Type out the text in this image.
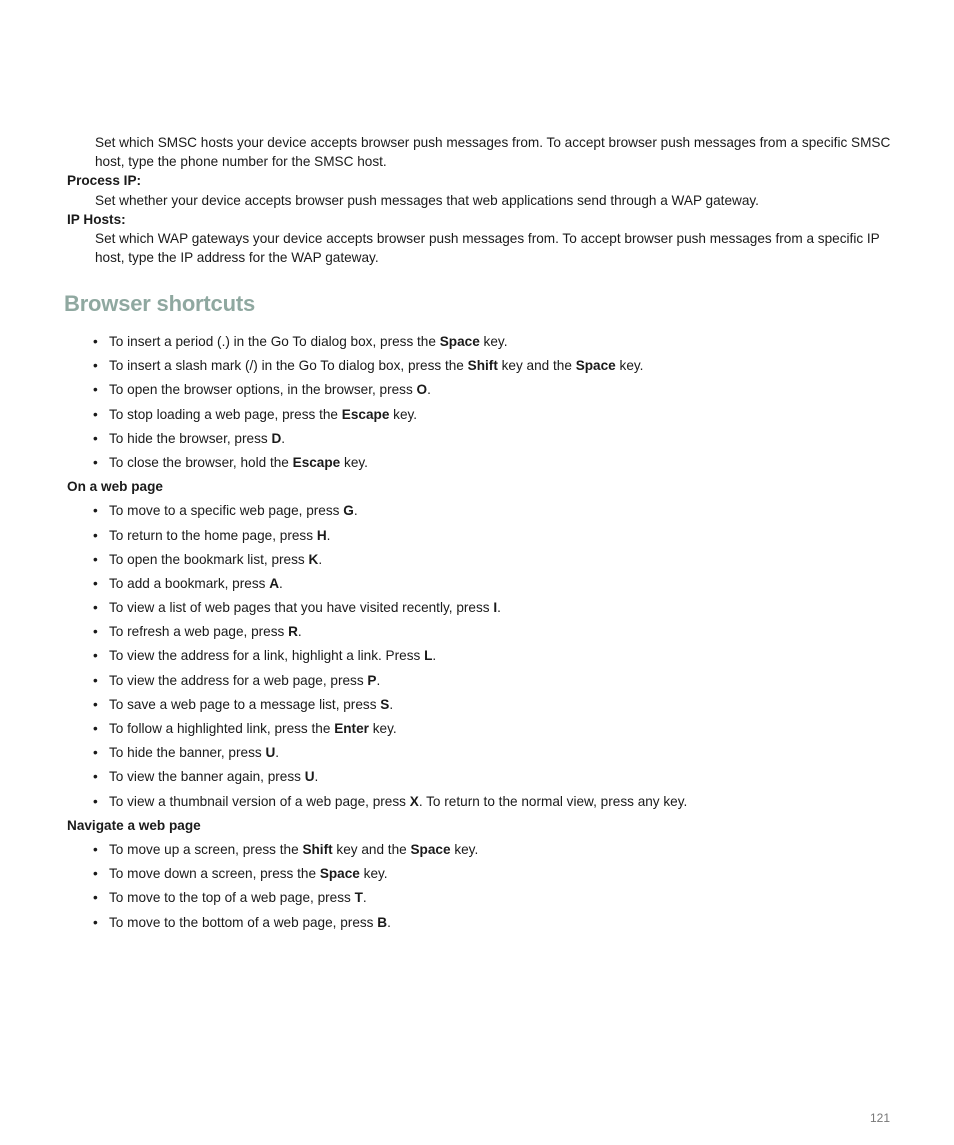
Set which SMSC hosts your device accepts browser push messages from. To accept browser push messages from a specific SMSC host, type the phone number for the SMSC host.

Process IP:

Set whether your device accepts browser push messages that web applications send through a WAP gateway.

IP Hosts:

Set which WAP gateways your device accepts browser push messages from. To accept browser push messages from a specific IP host, type the IP address for the WAP gateway.

Browser shortcuts
• To insert a period (.) in the Go To dialog box, press the Space key.
• To insert a slash mark (/) in the Go To dialog box, press the Shift key and the Space key.
• To open the browser options, in the browser, press O.
• To stop loading a web page, press the Escape key.
• To hide the browser, press D.
• To close the browser, hold the Escape key.
On a web page
• To move to a specific web page, press G.
• To return to the home page, press H.
• To open the bookmark list, press K.
• To add a bookmark, press A.
• To view a list of web pages that you have visited recently, press I.
• To refresh a web page, press R.
• To view the address for a link, highlight a link. Press L.
• To view the address for a web page, press P.
• To save a web page to a message list, press S.
• To follow a highlighted link, press the Enter key.
• To hide the banner, press U.
• To view the banner again, press U.
• To view a thumbnail version of a web page, press X. To return to the normal view, press any key.
Navigate a web page
• To move up a screen, press the Shift key and the Space key.
• To move down a screen, press the Space key.
• To move to the top of a web page, press T.
• To move to the bottom of a web page, press B.
121
